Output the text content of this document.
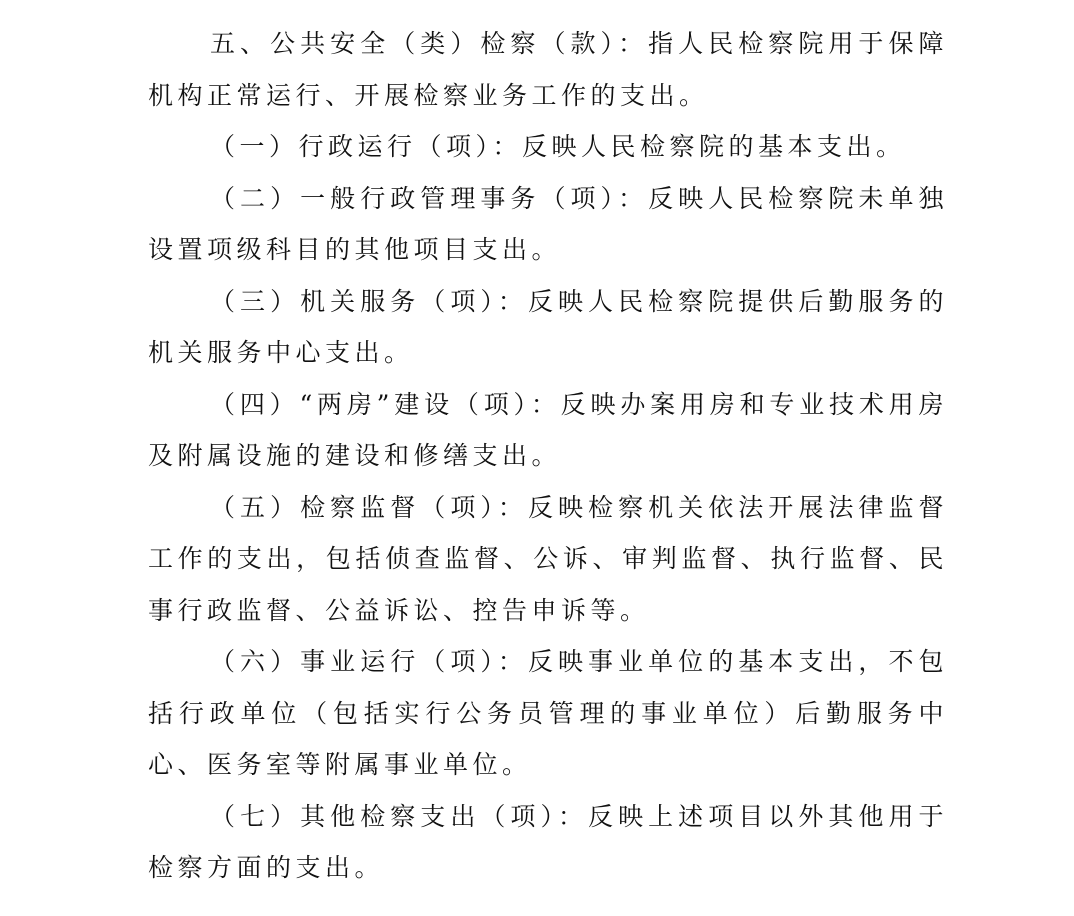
五、公共安全（类）检察（款）：指人民检察院用于保障机构正常运行、开展检察业务工作的支出。

（一）行政运行（项）：反映人民检察院的基本支出。

（二）一般行政管理事务（项）：反映人民检察院未单独设置项级科目的其他项目支出。

（三）机关服务（项）：反映人民检察院提供后勤服务的机关服务中心支出。

（四）“两房”建设（项）：反映办案用房和专业技术用房及附属设施的建设和修缮支出。

（五）检察监督（项）：反映检察机关依法开展法律监督工作的支出，包括侦查监督、公诉、审判监督、执行监督、民事行政监督、公益诉讼、控告申诉等。

（六）事业运行（项）：反映事业单位的基本支出，不包括行政单位（包括实行公务员管理的事业单位）后勤服务中心、医务室等附属事业单位。

（七）其他检察支出（项）：反映上述项目以外其他用于检察方面的支出。
